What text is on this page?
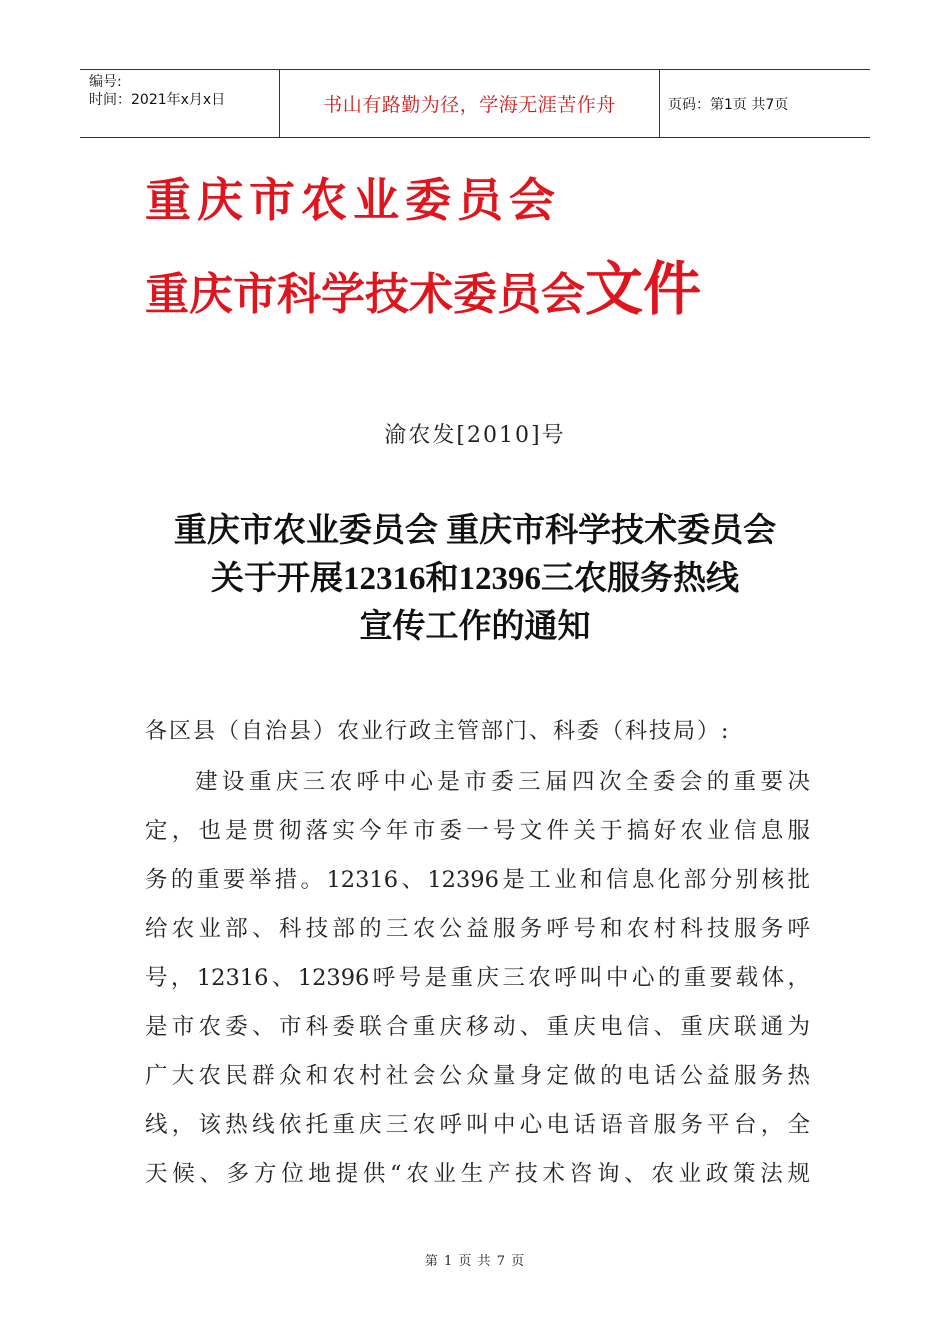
编号:
时间：2021年x月x日	书山有路勤为径，学海无涯苦作舟	页码：第1页 共7页
重庆市农业委员会
重庆市科学技术委员会文件
渝农发[2010]号
重庆市农业委员会 重庆市科学技术委员会
关于开展12316和12396三农服务热线
宣传工作的通知
各区县（自治县）农业行政主管部门、科委（科技局）:
建设重庆三农呼中心是市委三届四次全委会的重要决
定，也是贯彻落实今年市委一号文件关于搞好农业信息服
务的重要举措。12316、12396是工业和信息化部分别核批
给农业部、科技部的三农公益服务呼号和农村科技服务呼
号，12316、12396呼号是重庆三农呼叫中心的重要载体，
是市农委、市科委联合重庆移动、重庆电信、重庆联通为
广大农民群众和农村社会公众量身定做的电话公益服务热
线，该热线依托重庆三农呼叫中心电话语音服务平台，全
天候、多方位地提供“农业生产技术咨询、农业政策法规
第 1 页 共 7 页
